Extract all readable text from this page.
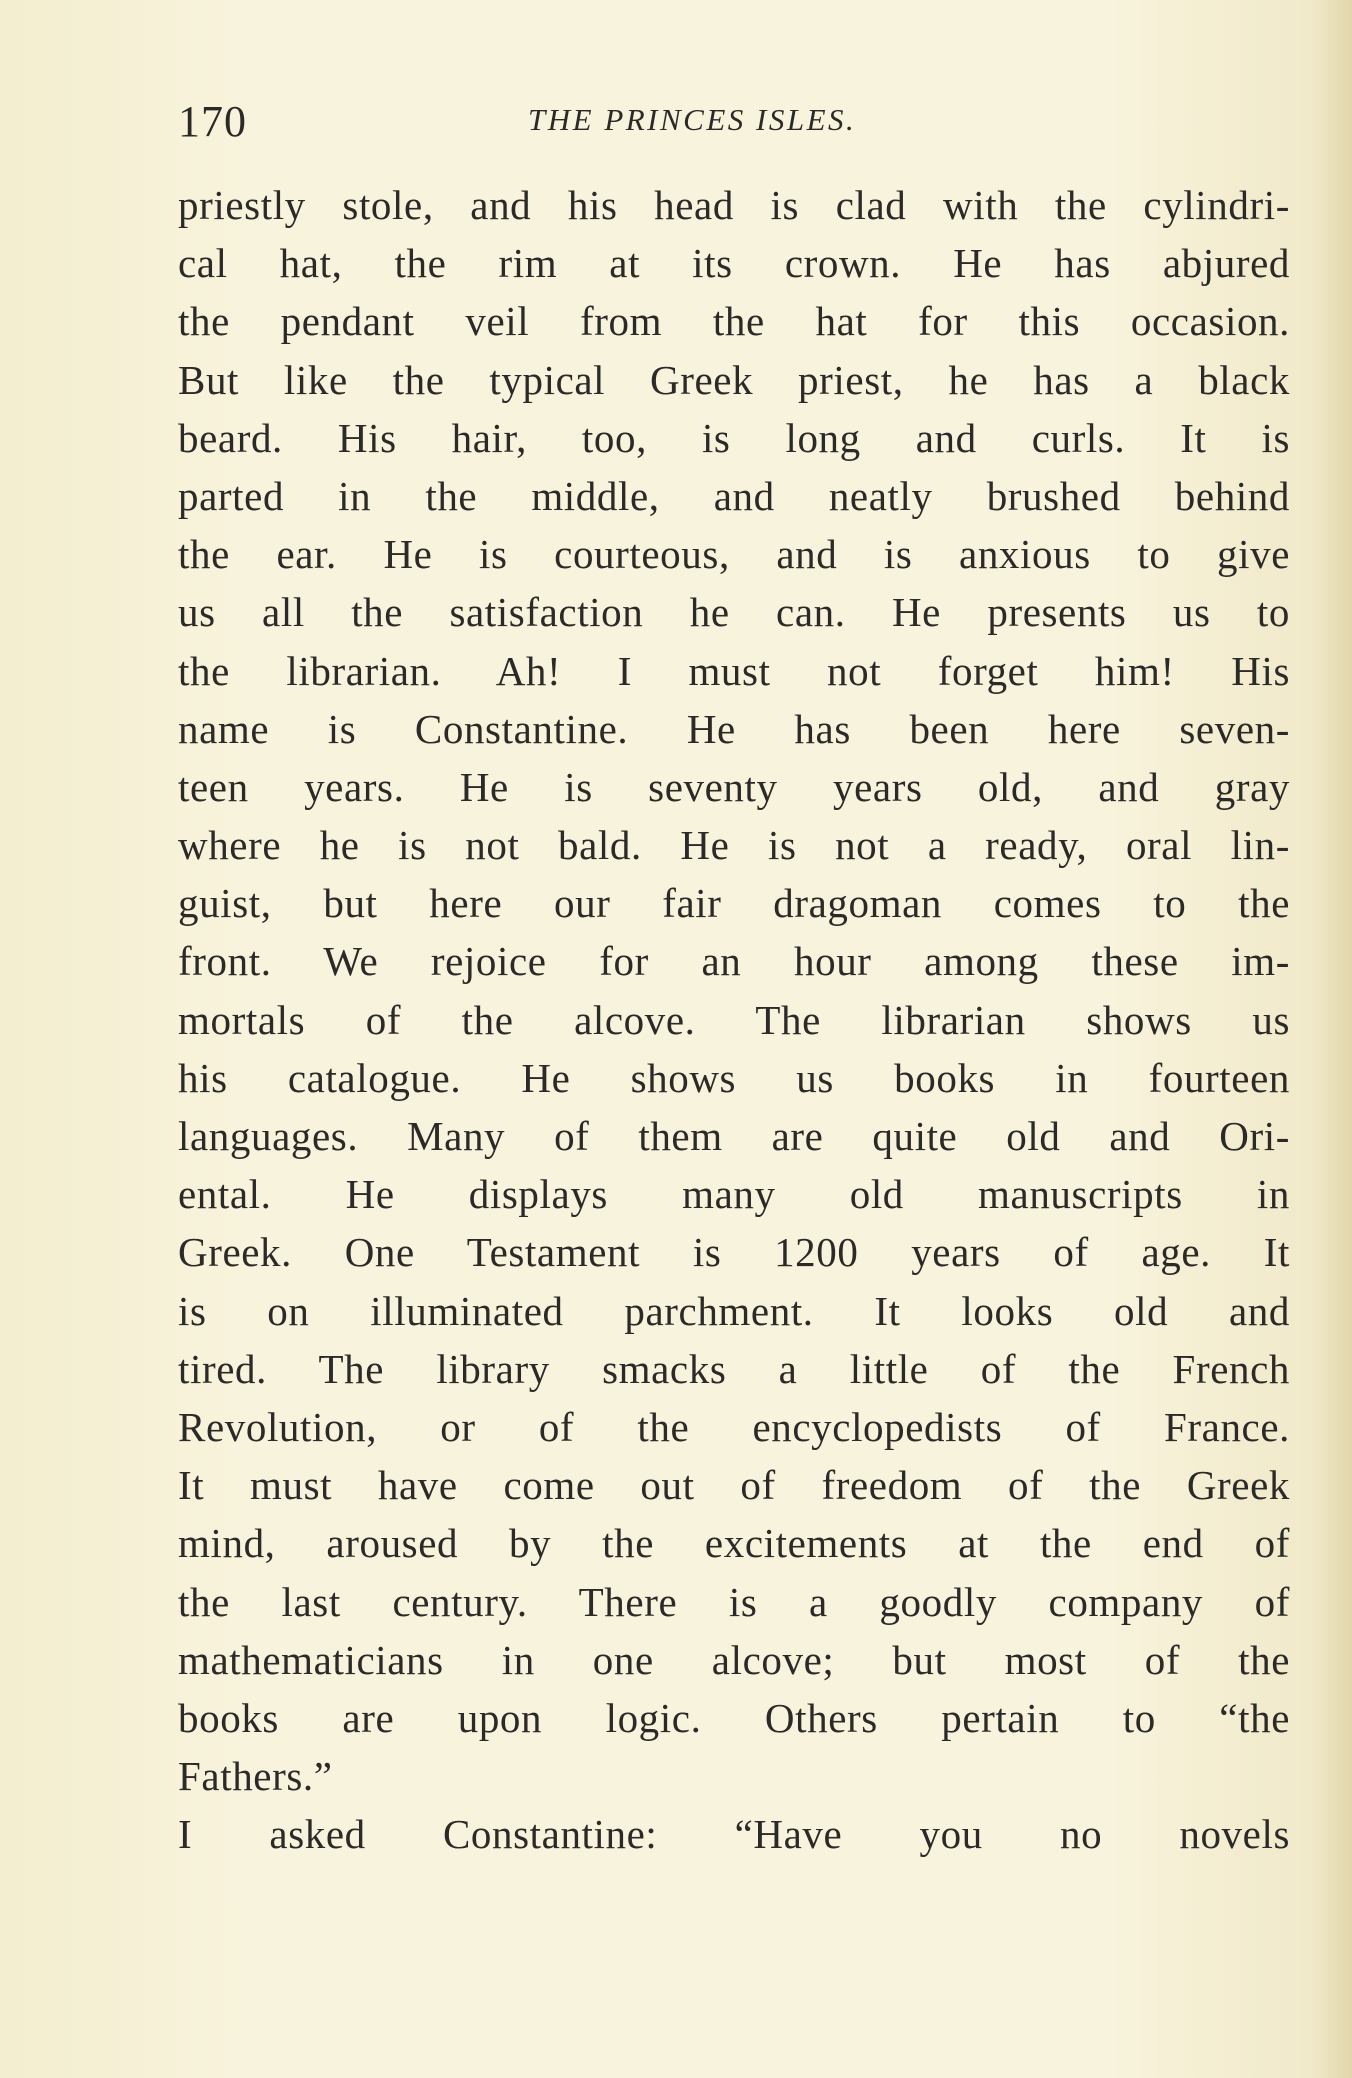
170	THE PRINCES ISLES.
priestly stole, and his head is clad with the cylindri-
cal hat, the rim at its crown. He has abjured
the pendant veil from the hat for this occasion.
But like the typical Greek priest, he has a black
beard. His hair, too, is long and curls. It is
parted in the middle, and neatly brushed behind
the ear. He is courteous, and is anxious to give
us all the satisfaction he can. He presents us to
the librarian. Ah! I must not forget him! His
name is Constantine. He has been here seven-
teen years. He is seventy years old, and gray
where he is not bald. He is not a ready, oral lin-
guist, but here our fair dragoman comes to the
front. We rejoice for an hour among these im-
mortals of the alcove. The librarian shows us
his catalogue. He shows us books in fourteen
languages. Many of them are quite old and Ori-
ental. He displays many old manuscripts in
Greek. One Testament is 1200 years of age. It
is on illuminated parchment. It looks old and
tired. The library smacks a little of the French
Revolution, or of the encyclopedists of France.
It must have come out of freedom of the Greek
mind, aroused by the excitements at the end of
the last century. There is a goodly company of
mathematicians in one alcove; but most of the
books are upon logic. Others pertain to “the
Fathers.”
I asked Constantine: “Have you no novels
